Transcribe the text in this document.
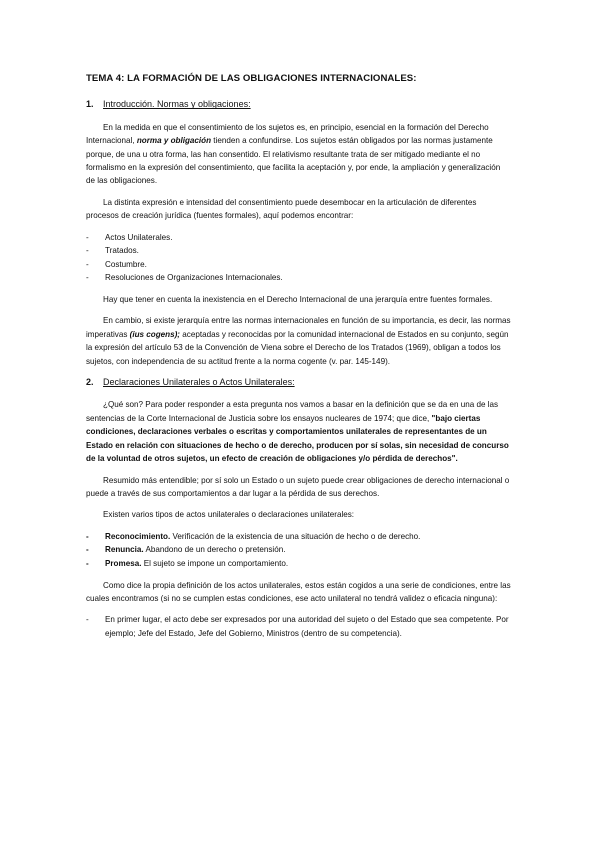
TEMA 4: LA FORMACIÓN DE LAS OBLIGACIONES INTERNACIONALES:
1.	Introducción. Normas y obligaciones:

En la medida en que el consentimiento de los sujetos es, en principio, esencial en la formación del Derecho Internacional, norma y obligación tienden a confundirse. Los sujetos están obligados por las normas justamente porque, de una u otra forma, las han consentido. El relativismo resultante trata de ser mitigado mediante el no formalismo en la expresión del consentimiento, que facilita la aceptación y, por ende, la ampliación y generalización de las obligaciones.

La distinta expresión e intensidad del consentimiento puede desembocar en la articulación de diferentes procesos de creación jurídica (fuentes formales), aquí podemos encontrar:

-	Actos Unilaterales.
-	Tratados.
-	Costumbre.
-	Resoluciones de Organizaciones Internacionales.

Hay que tener en cuenta la inexistencia en el Derecho Internacional de una jerarquía entre fuentes formales.

En cambio, si existe jerarquía entre las normas internacionales en función de su importancia, es decir, las normas imperativas (ius cogens); aceptadas y reconocidas por la comunidad internacional de Estados en su conjunto, según la expresión del artículo 53 de la Convención de Viena sobre el Derecho de los Tratados (1969), obligan a todos los sujetos, con independencia de su actitud frente a la norma cogente (v. par. 145-149).

2.	Declaraciones Unilaterales o Actos Unilaterales:

¿Qué son? Para poder responder a esta pregunta nos vamos a basar en la definición que se da en una de las sentencias de la Corte Internacional de Justicia sobre los ensayos nucleares de 1974; que dice, "bajo ciertas condiciones, declaraciones verbales o escritas y comportamientos unilaterales de representantes de un Estado en relación con situaciones de hecho o de derecho, producen por sí solas, sin necesidad de concurso de la voluntad de otros sujetos, un efecto de creación de obligaciones y/o pérdida de derechos".

Resumido más entendible; por sí solo un Estado o un sujeto puede crear obligaciones de derecho internacional o puede a través de sus comportamientos a dar lugar a la pérdida de sus derechos.

Existen varios tipos de actos unilaterales o declaraciones unilaterales:

-	Reconocimiento. Verificación de la existencia de una situación de hecho o de derecho.
-	Renuncia. Abandono de un derecho o pretensión.
-	Promesa. El sujeto se impone un comportamiento.

Como dice la propia definición de los actos unilaterales, estos están cogidos a una serie de condiciones, entre las cuales encontramos (si no se cumplen estas condiciones, ese acto unilateral no tendrá validez o eficacia ninguna):

-	En primer lugar, el acto debe ser expresados por una autoridad del sujeto o del Estado que sea competente. Por ejemplo; Jefe del Estado, Jefe del Gobierno, Ministros (dentro de su competencia).
